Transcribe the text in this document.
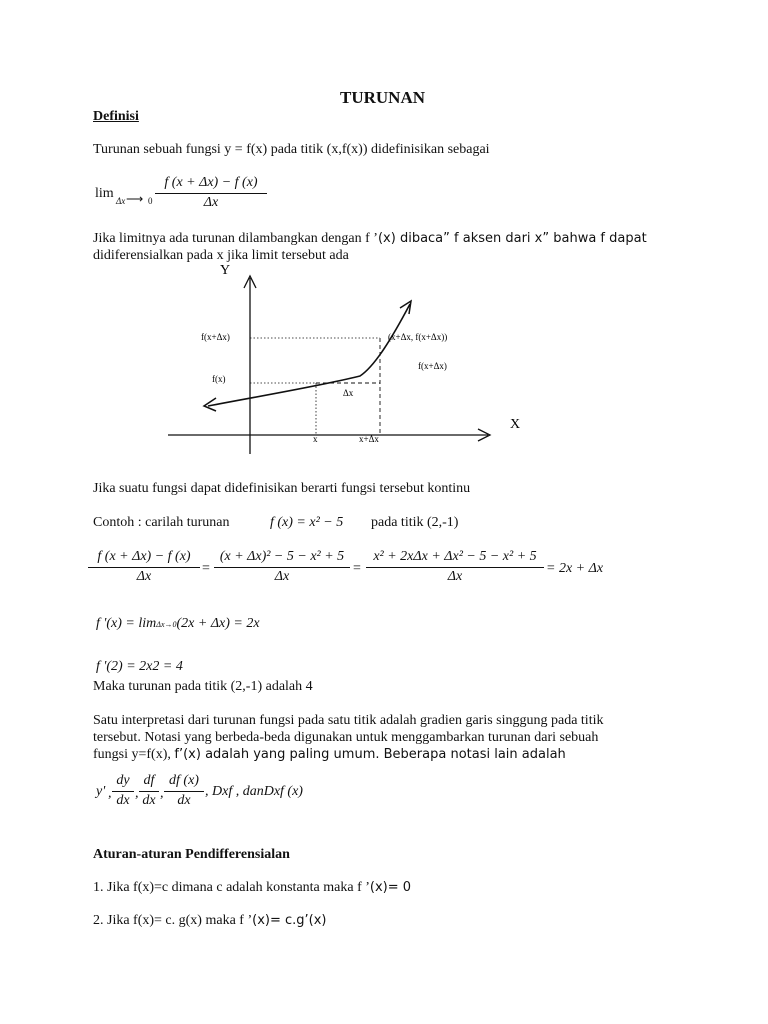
TURUNAN
Definisi
Turunan sebuah fungsi y = f(x) pada titik (x,f(x)) didefinisikan sebagai
lim Δx ⟶ 0
f (x + Δx) − f (x)
Δx
Jika limitnya ada turunan dilambangkan dengan f ’(x) dibaca” f aksen dari x” bahwa f dapat
didiferensialkan pada x jika limit tersebut ada
Y
X
f(x+Δx)
f(x)
(x+Δx, f(x+Δx))
f(x+Δx)
Δx
x	x+Δx
Jika suatu fungsi dapat didefinisikan berarti fungsi tersebut kontinu
Contoh : carilah turunan	f (x) = x² − 5 pada titik (2,-1)
f (x + Δx) − f (x)
Δx
=
(x + Δx)² − 5 − x² + 5
Δx
=
x² + 2xΔx + Δx² − 5 − x² + 5
Δx
= 2x + Δx
f '(x) = limΔx→0(2x + Δx) = 2x
f '(2) = 2x2 = 4
Maka turunan pada titik (2,-1) adalah 4
Satu interpretasi dari turunan fungsi pada satu titik adalah gradien garis singgung pada titik
tersebut. Notasi yang berbeda-beda digunakan untuk menggambarkan turunan dari sebuah
fungsi y=f(x), f’(x) adalah yang paling umum. Beberapa notasi lain adalah
y' ,
dy
dx ,
df
dx ,
df (x)
dx
, Dxf , danDxf (x)
Aturan-aturan Pendifferensialan
1. Jika f(x)=c dimana c adalah konstanta maka f ’(x)= 0
2. Jika f(x)= c. g(x) maka f ’(x)= c.g’(x)
